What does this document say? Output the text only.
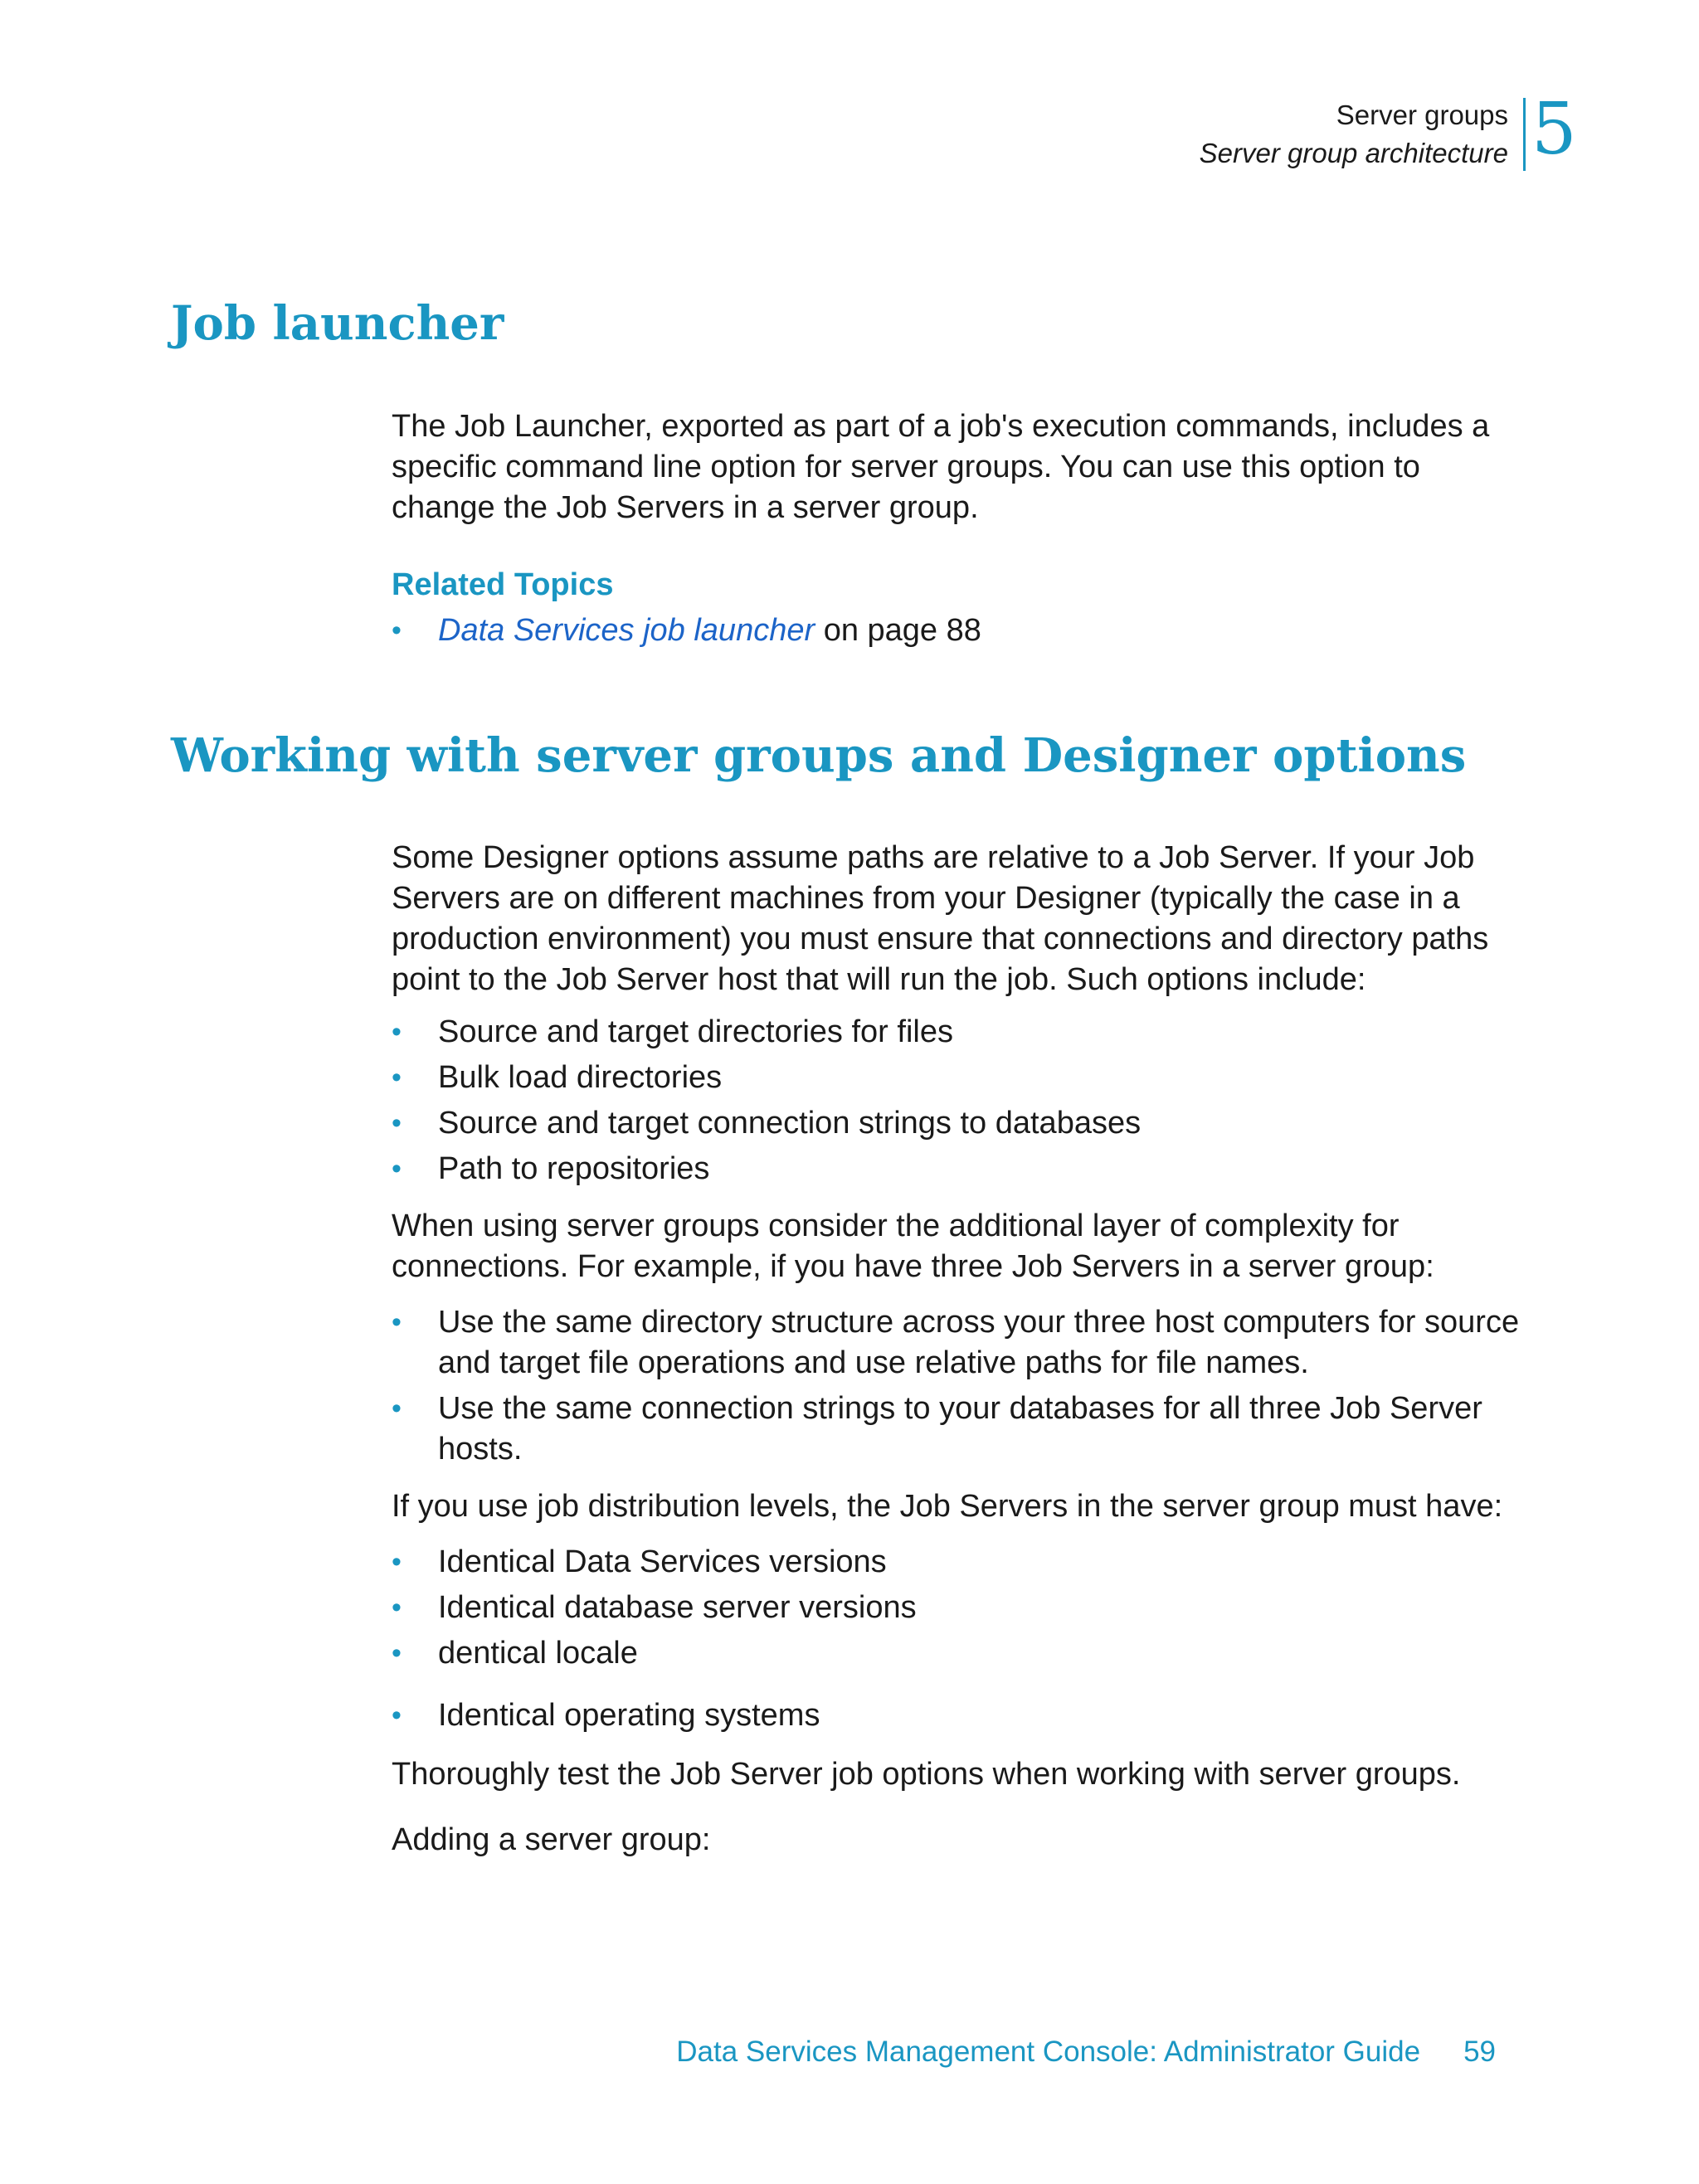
Server groups
Server group architecture 5
Job launcher

The Job Launcher, exported as part of a job's execution commands, includes a specific command line option for server groups. You can use this option to change the Job Servers in a server group.

Related Topics

• Data Services job launcher on page 88
Working with server groups and Designer options

Some Designer options assume paths are relative to a Job Server. If your Job Servers are on different machines from your Designer (typically the case in a production environment) you must ensure that connections and directory paths point to the Job Server host that will run the job. Such options include:

• Source and target directories for files
• Bulk load directories
• Source and target connection strings to databases
• Path to repositories

When using server groups consider the additional layer of complexity for connections. For example, if you have three Job Servers in a server group:

• Use the same directory structure across your three host computers for source and target file operations and use relative paths for file names.
• Use the same connection strings to your databases for all three Job Server hosts.

If you use job distribution levels, the Job Servers in the server group must have:

• Identical Data Services versions
• Identical database server versions
• dentical locale
• Identical operating systems

Thoroughly test the Job Server job options when working with server groups.

Adding a server group:

Data Services Management Console: Administrator Guide 59
